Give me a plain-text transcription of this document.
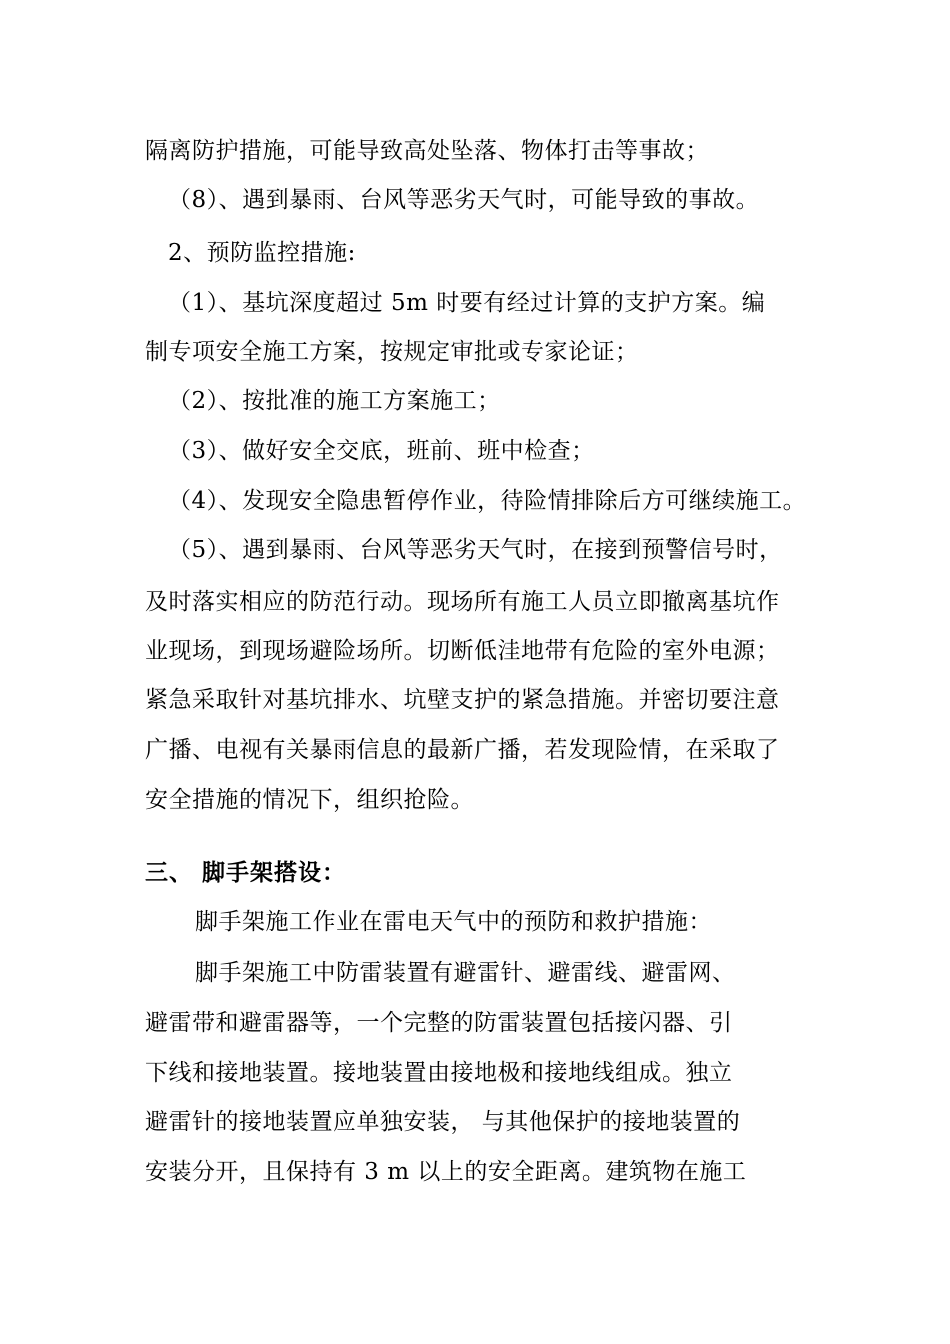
隔离防护措施，可能导致高处坠落、物体打击等事故；
（8）、遇到暴雨、台风等恶劣天气时，可能导致的事故。
2、预防监控措施:
（1）、基坑深度超过 5m 时要有经过计算的支护方案。编
制专项安全施工方案，按规定审批或专家论证；
（2）、按批准的施工方案施工；
（3）、做好安全交底，班前、班中检查；
（4）、发现安全隐患暂停作业，待险情排除后方可继续施工。
（5）、遇到暴雨、台风等恶劣天气时，在接到预警信号时，
及时落实相应的防范行动。现场所有施工人员立即撤离基坑作
业现场，到现场避险场所。切断低洼地带有危险的室外电源；
紧急采取针对基坑排水、坑壁支护的紧急措施。并密切要注意
广播、电视有关暴雨信息的最新广播，若发现险情，在采取了
安全措施的情况下，组织抢险。
三、 脚手架搭设：
脚手架施工作业在雷电天气中的预防和救护措施：
脚手架施工中防雷装置有避雷针、避雷线、避雷网、
避雷带和避雷器等，一个完整的防雷装置包括接闪器、引
下线和接地装置。接地装置由接地极和接地线组成。独立
避雷针的接地装置应单独安装， 与其他保护的接地装置的
安装分开，且保持有 3 m 以上的安全距离。建筑物在施工
